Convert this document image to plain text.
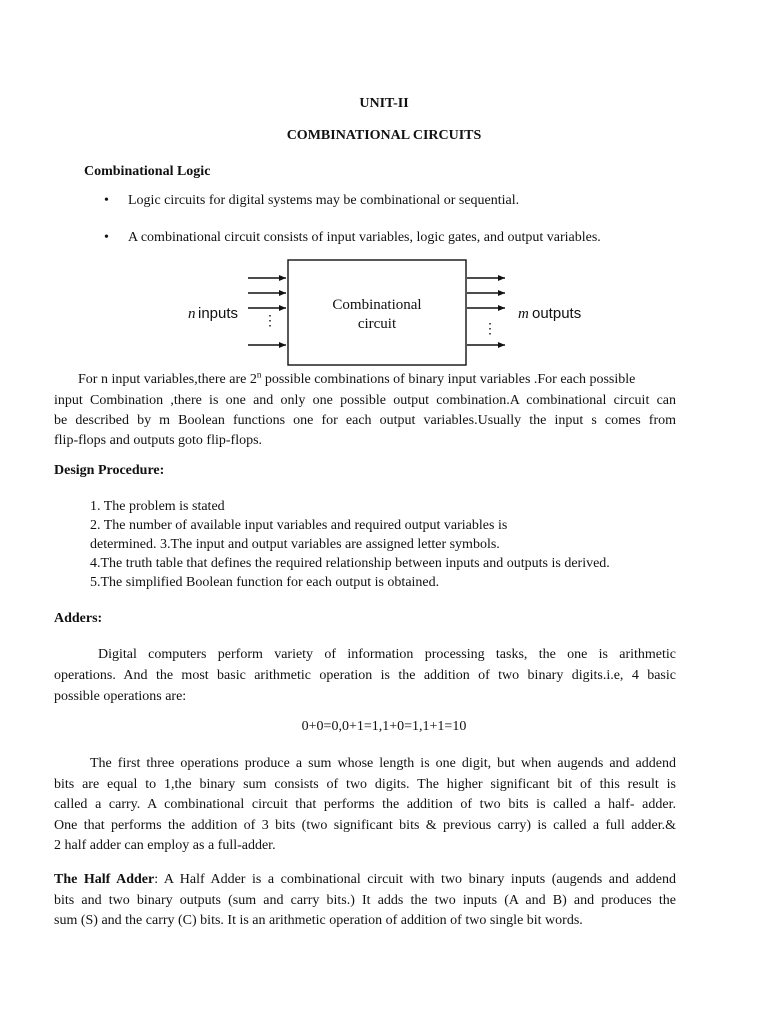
UNIT-II
COMBINATIONAL CIRCUITS
Combinational Logic
• Logic circuits for digital systems may be combinational or sequential.
• A combinational circuit consists of input variables, logic gates, and output variables.
⋮
Combinational
circuit	⋮
n inputs	m outputs
For n input variables,there are 2$^n$ possible combinations of binary input variables .For each possible
input Combination ,there is one and only one possible output combination.A combinational circuit can
be described by m Boolean functions one for each output variables.Usually the input s comes from
flip-flops and outputs goto flip-flops.
Design Procedure:
1. The problem is stated
2. The number of available input variables and required output variables is
determined. 3.The input and output variables are assigned letter symbols.
4.The truth table that defines the required relationship between inputs and outputs is derived.
5.The simplified Boolean function for each output is obtained.
Adders:
Digital computers perform variety of information processing tasks, the one is arithmetic
operations. And the most basic arithmetic operation is the addition of two binary digits.i.e, 4 basic
possible operations are:
0+0=0,0+1=1,1+0=1,1+1=10
The first three operations produce a sum whose length is one digit, but when augends and addend
bits are equal to 1,the binary sum consists of two digits. The higher significant bit of this result is
called a carry. A combinational circuit that performs the addition of two bits is called a half- adder.
One that performs the addition of 3 bits (two significant bits & previous carry) is called a full adder.&
2 half adder can employ as a full-adder.
The Half Adder: A Half Adder is a combinational circuit with two binary inputs (augends and addend
bits and two binary outputs (sum and carry bits.) It adds the two inputs (A and B) and produces the
sum (S) and the carry (C) bits. It is an arithmetic operation of addition of two single bit words.
